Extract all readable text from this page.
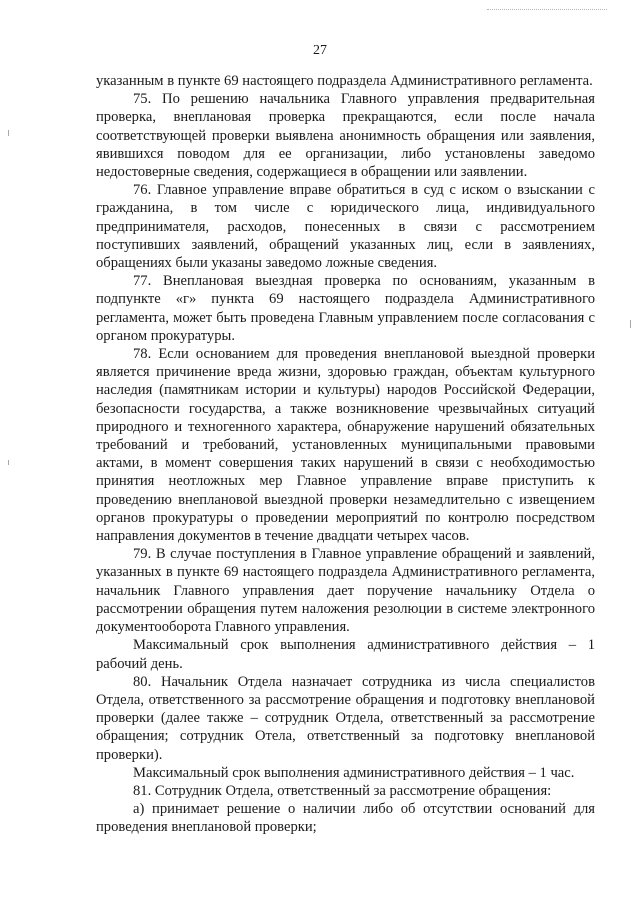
27

указанным в пункте 69 настоящего подраздела Административного регламента.

75. По решению начальника Главного управления предварительная проверка, внеплановая проверка прекращаются, если после начала соответствующей проверки выявлена анонимность обращения или заявления, явившихся поводом для ее организации, либо установлены заведомо недостоверные сведения, содержащиеся в обращении или заявлении.

76. Главное управление вправе обратиться в суд с иском о взыскании с гражданина, в том числе с юридического лица, индивидуального предпринимателя, расходов, понесенных в связи с рассмотрением поступивших заявлений, обращений указанных лиц, если в заявлениях, обращениях были указаны заведомо ложные сведения.

77. Внеплановая выездная проверка по основаниям, указанным в подпункте «г» пункта 69 настоящего подраздела Административного регламента, может быть проведена Главным управлением после согласования с органом прокуратуры.

78. Если основанием для проведения внеплановой выездной проверки является причинение вреда жизни, здоровью граждан, объектам культурного наследия (памятникам истории и культуры) народов Российской Федерации, безопасности государства, а также возникновение чрезвычайных ситуаций природного и техногенного характера, обнаружение нарушений обязательных требований и требований, установленных муниципальными правовыми актами, в момент совершения таких нарушений в связи с необходимостью принятия неотложных мер Главное управление вправе приступить к проведению внеплановой выездной проверки незамедлительно с извещением органов прокуратуры о проведении мероприятий по контролю посредством направления документов в течение двадцати четырех часов.

79. В случае поступления в Главное управление обращений и заявлений, указанных в пункте 69 настоящего подраздела Административного регламента, начальник Главного управления дает поручение начальнику Отдела о рассмотрении обращения путем наложения резолюции в системе электронного документооборота Главного управления.

Максимальный срок выполнения административного действия – 1 рабочий день.

80. Начальник Отдела назначает сотрудника из числа специалистов Отдела, ответственного за рассмотрение обращения и подготовку внеплановой проверки (далее также – сотрудник Отдела, ответственный за рассмотрение обращения; сотрудник Отела, ответственный за подготовку внеплановой проверки).

Максимальный срок выполнения административного действия – 1 час.

81. Сотрудник Отдела, ответственный за рассмотрение обращения:

а) принимает решение о наличии либо об отсутствии оснований для проведения внеплановой проверки;
